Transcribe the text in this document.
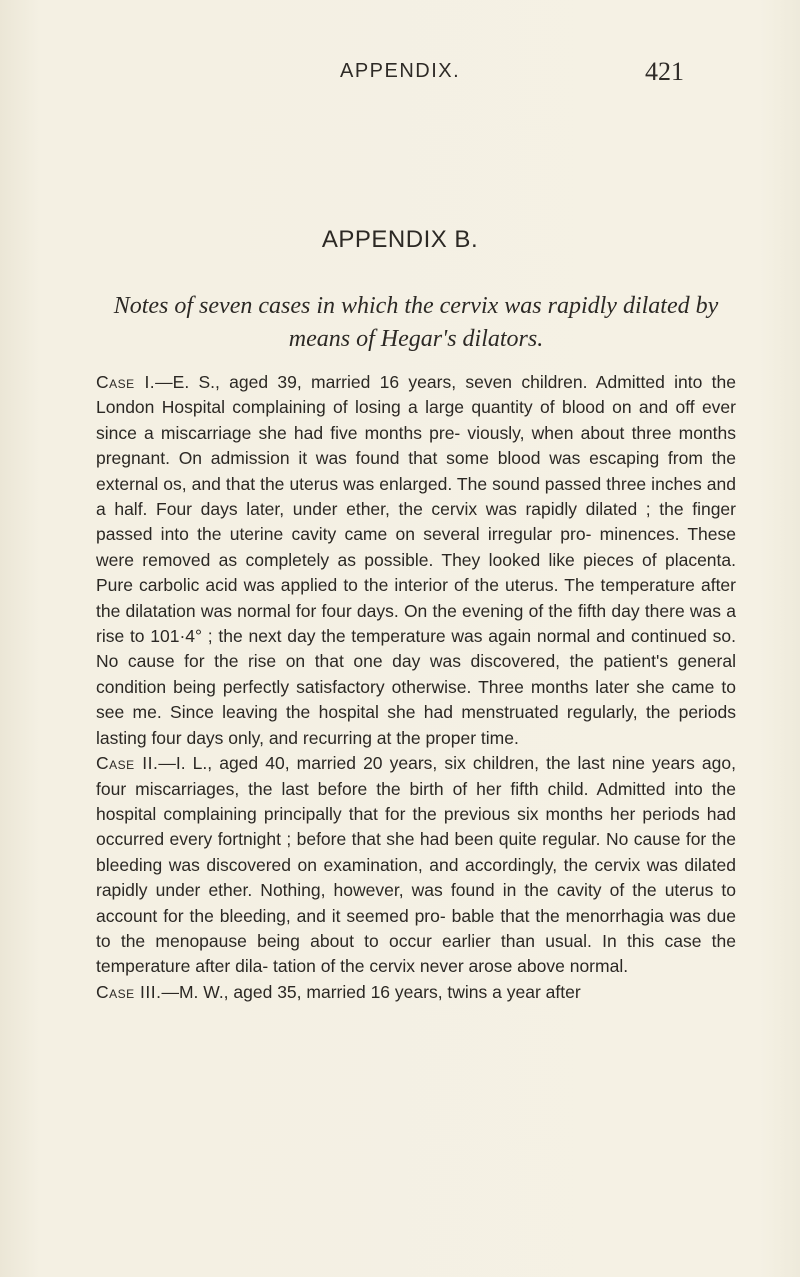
APPENDIX.	421
APPENDIX B.
Notes of seven cases in which the cervix was rapidly dilated by means of Hegar's dilators.

Case I.—E. S., aged 39, married 16 years, seven children. Admitted into the London Hospital complaining of losing a large quantity of blood on and off ever since a miscarriage she had five months pre- viously, when about three months pregnant. On admission it was found that some blood was escaping from the external os, and that the uterus was enlarged. The sound passed three inches and a half. Four days later, under ether, the cervix was rapidly dilated ; the finger passed into the uterine cavity came on several irregular pro- minences. These were removed as completely as possible. They looked like pieces of placenta. Pure carbolic acid was applied to the interior of the uterus. The temperature after the dilatation was normal for four days. On the evening of the fifth day there was a rise to 101·4° ; the next day the temperature was again normal and continued so. No cause for the rise on that one day was discovered, the patient's general condition being perfectly satisfactory otherwise. Three months later she came to see me. Since leaving the hospital she had menstruated regularly, the periods lasting four days only, and recurring at the proper time.

Case II.—I. L., aged 40, married 20 years, six children, the last nine years ago, four miscarriages, the last before the birth of her fifth child. Admitted into the hospital complaining principally that for the previous six months her periods had occurred every fortnight ; before that she had been quite regular. No cause for the bleeding was discovered on examination, and accordingly, the cervix was dilated rapidly under ether. Nothing, however, was found in the cavity of the uterus to account for the bleeding, and it seemed pro- bable that the menorrhagia was due to the menopause being about to occur earlier than usual. In this case the temperature after dila- tation of the cervix never arose above normal.

Case III.—M. W., aged 35, married 16 years, twins a year after
